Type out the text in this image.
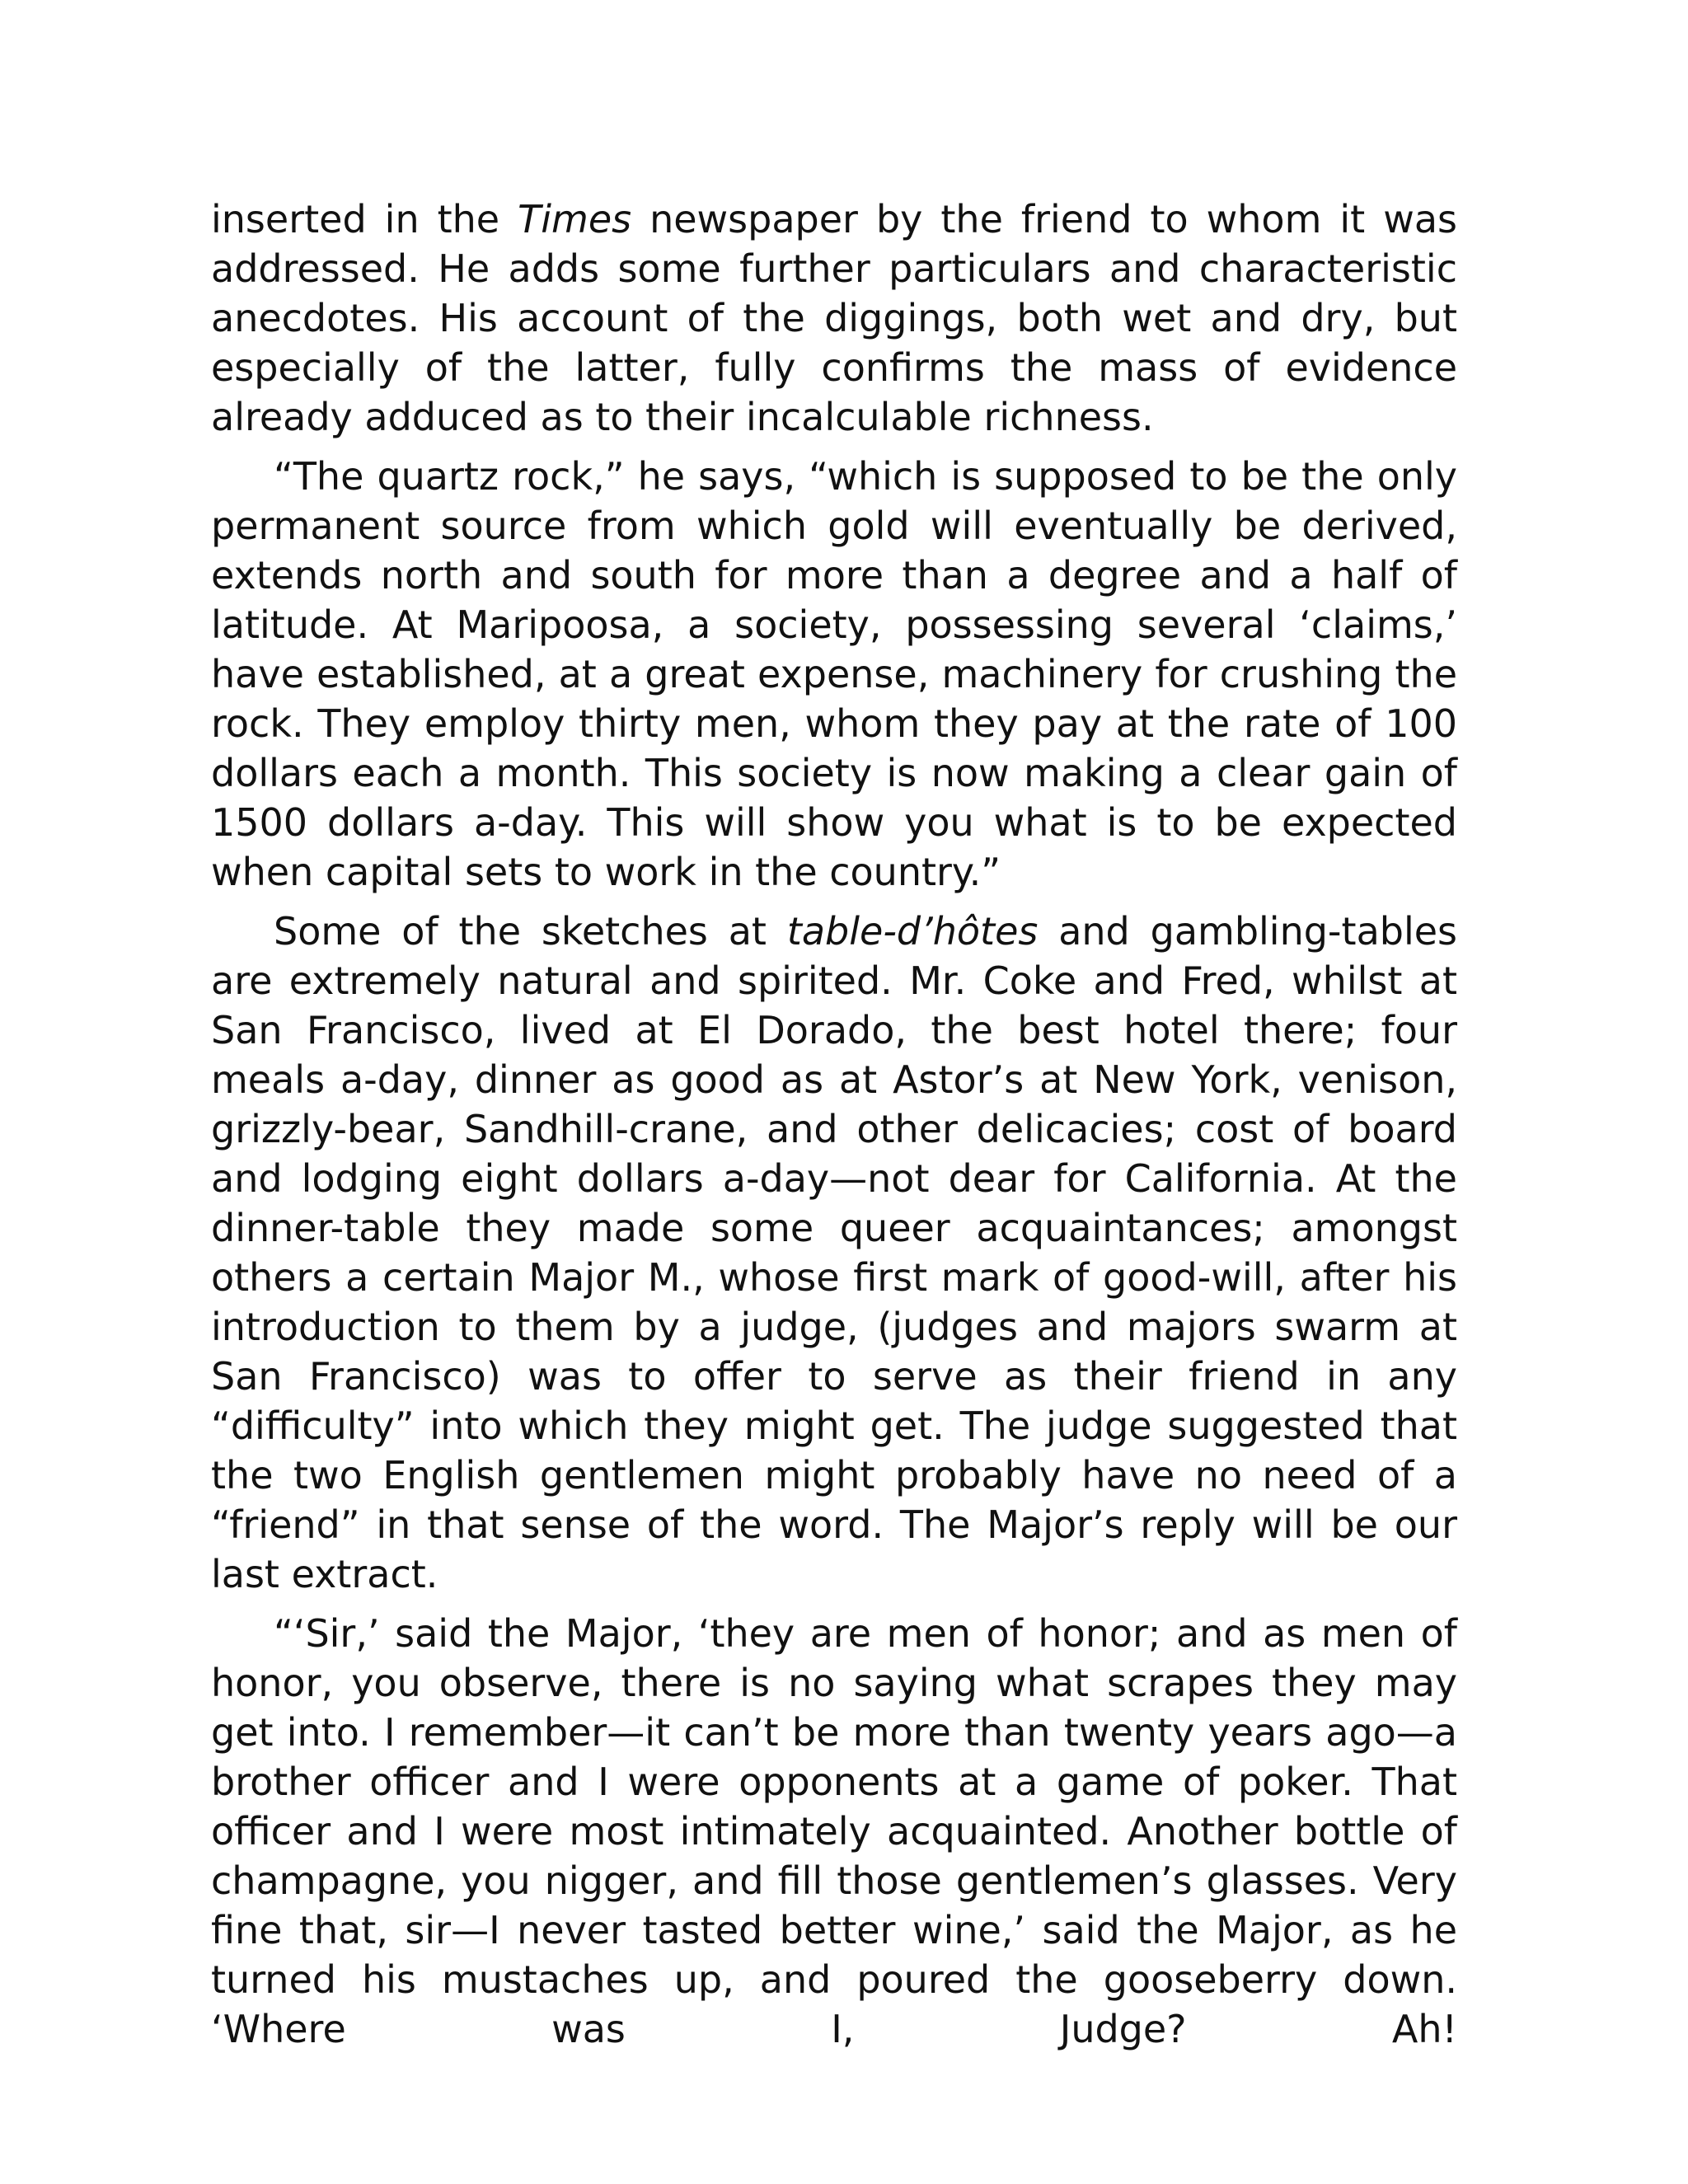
inserted in the Times newspaper by the friend to whom it was addressed. He adds some further particulars and characteristic anecdotes. His account of the diggings, both wet and dry, but especially of the latter, fully confirms the mass of evidence already adduced as to their incalculable richness.

“The quartz rock,” he says, “which is supposed to be the only permanent source from which gold will eventually be derived, extends north and south for more than a degree and a half of latitude. At Maripoosa, a society, possessing several ‘claims,’ have established, at a great expense, machinery for crushing the rock. They employ thirty men, whom they pay at the rate of 100 dollars each a month. This society is now making a clear gain of 1500 dollars a-day. This will show you what is to be expected when capital sets to work in the country.”

Some of the sketches at table-d’hôtes and gambling-tables are extremely natural and spirited. Mr. Coke and Fred, whilst at San Francisco, lived at El Dorado, the best hotel there; four meals a-day, dinner as good as at Astor’s at New York, venison, grizzly-bear, Sandhill-crane, and other delicacies; cost of board and lodging eight dollars a-day—not dear for California. At the dinner-table they made some queer acquaintances; amongst others a certain Major M., whose first mark of good-will, after his introduction to them by a judge, (judges and majors swarm at San Francisco) was to offer to serve as their friend in any “difficulty” into which they might get. The judge suggested that the two English gentlemen might probably have no need of a “friend” in that sense of the word. The Major’s reply will be our last extract.

“‘Sir,’ said the Major, ‘they are men of honor; and as men of honor, you observe, there is no saying what scrapes they may get into. I remember—it can’t be more than twenty years ago—a brother officer and I were opponents at a game of poker. That officer and I were most intimately acquainted. Another bottle of champagne, you nigger, and fill those gentlemen’s glasses. Very fine that, sir—I never tasted better wine,’ said the Major, as he turned his mustaches up, and poured the gooseberry down. ‘Where was I, Judge? Ah!
